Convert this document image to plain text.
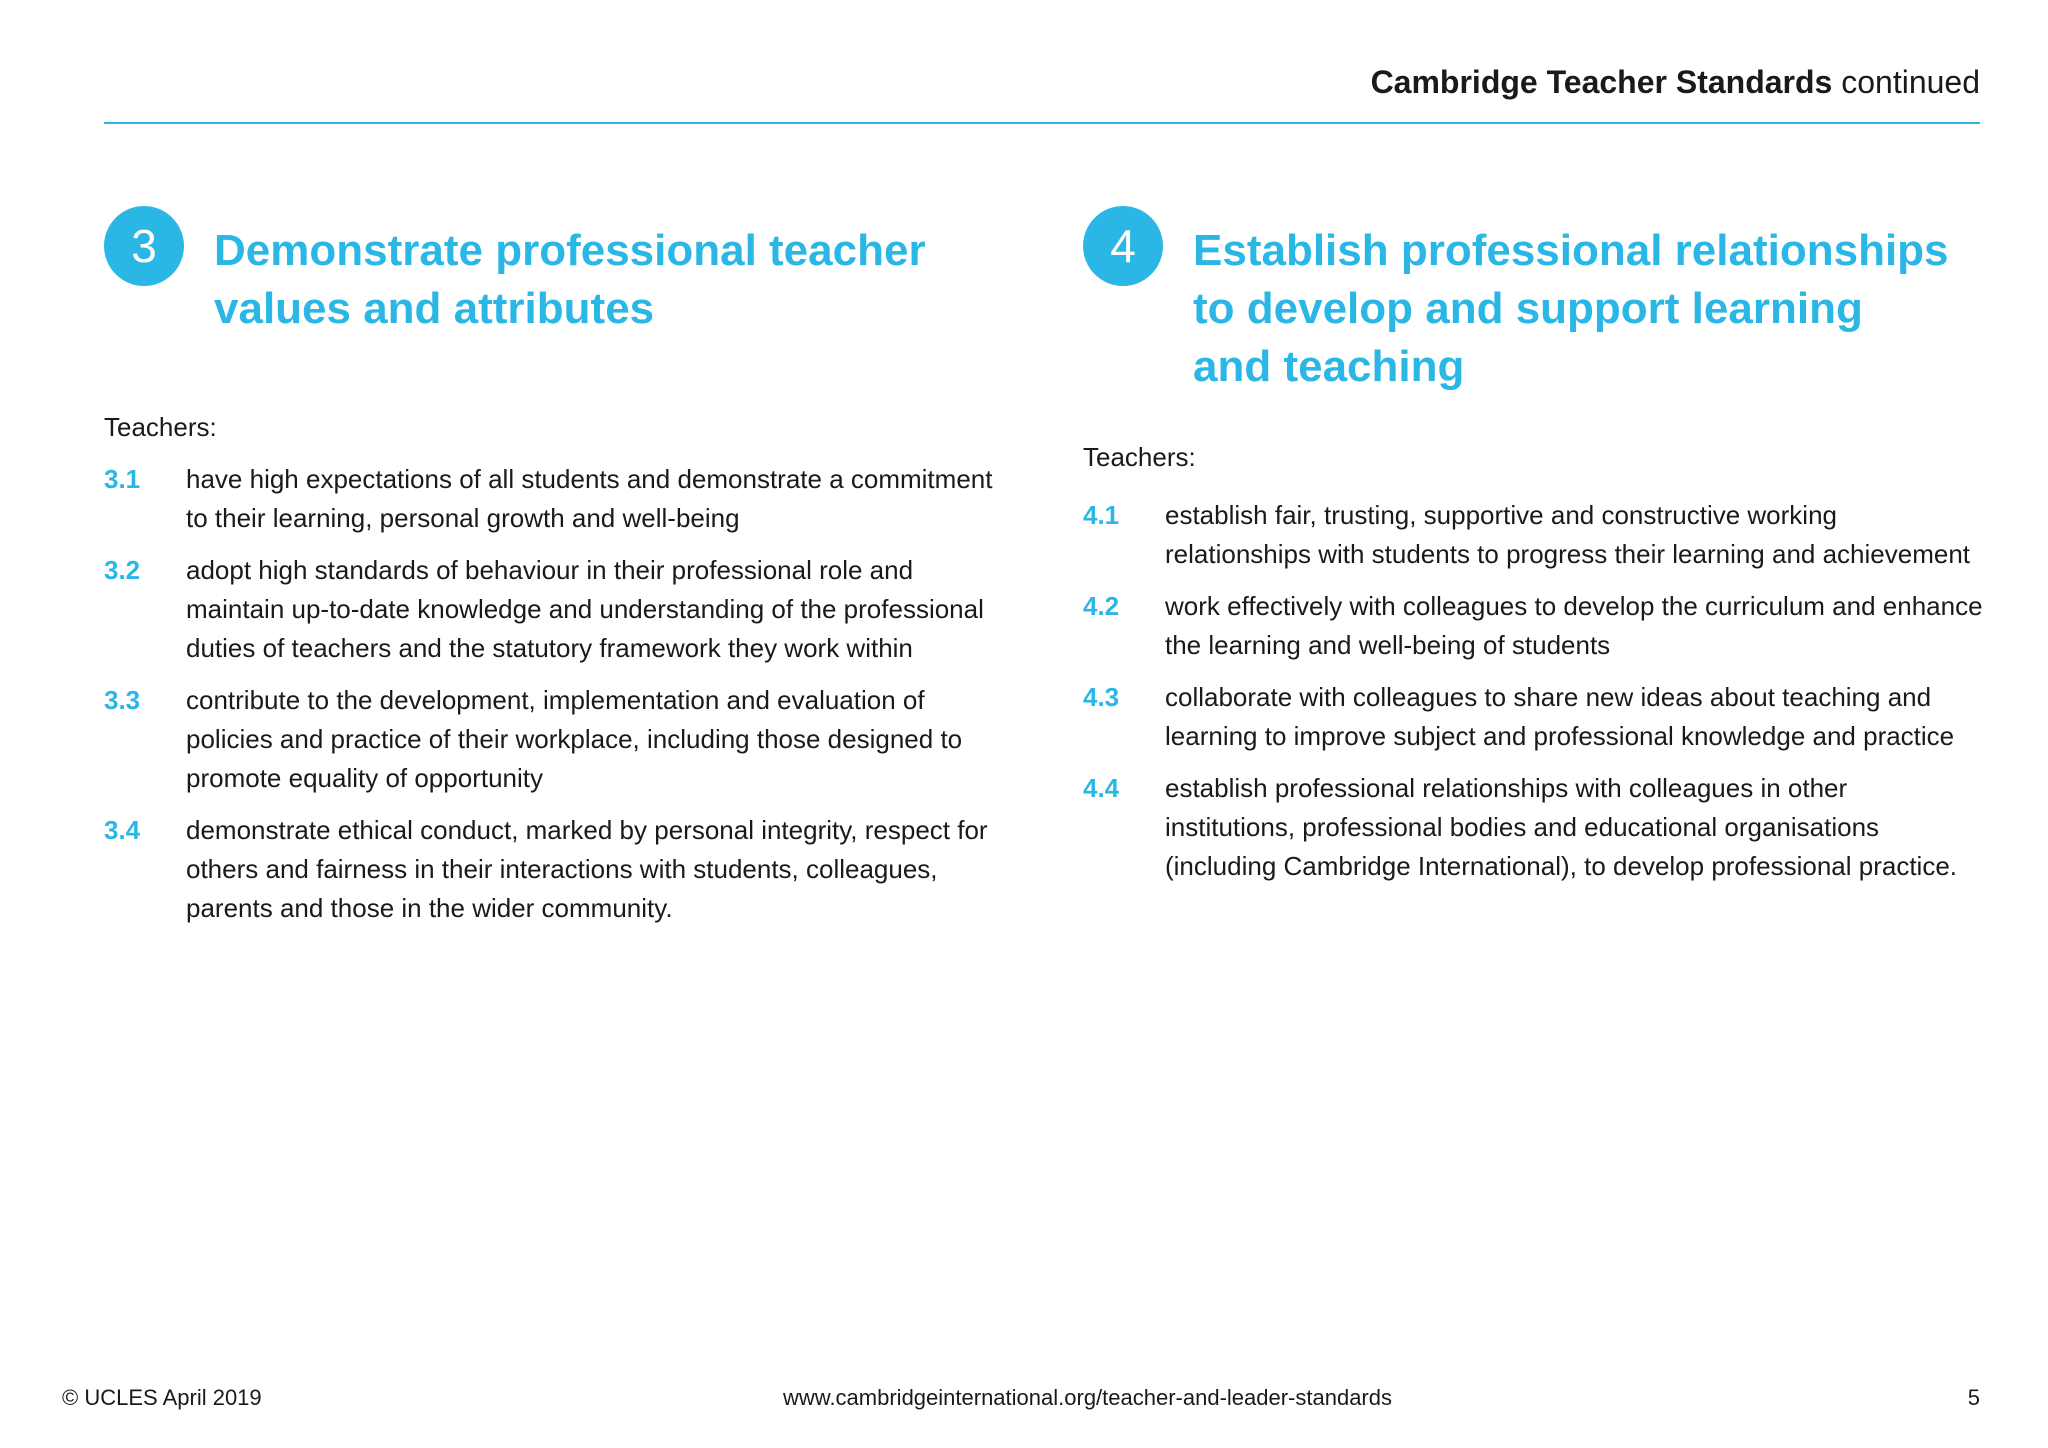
Cambridge Teacher Standards continued
3	Demonstrate professional teacher
values and attributes
Teachers:
3.1	have high expectations of all students and demonstrate a commitment to their learning, personal growth and well-being
3.2	adopt high standards of behaviour in their professional role and maintain up-to-date knowledge and understanding of the professional duties of teachers and the statutory framework they work within
3.3	contribute to the development, implementation and evaluation of policies and practice of their workplace, including those designed to promote equality of opportunity
3.4	demonstrate ethical conduct, marked by personal integrity, respect for others and fairness in their interactions with students, colleagues, parents and those in the wider community.
4	Establish professional relationships
to develop and support learning
and teaching
Teachers:
4.1	establish fair, trusting, supportive and constructive working relationships with students to progress their learning and achievement
4.2	work effectively with colleagues to develop the curriculum and enhance the learning and well-being of students
4.3	collaborate with colleagues to share new ideas about teaching and learning to improve subject and professional knowledge and practice
4.4	establish professional relationships with colleagues in other institutions, professional bodies and educational organisations (including Cambridge International), to develop professional practice.
© UCLES April 2019	www.cambridgeinternational.org/teacher-and-leader-standards	5
